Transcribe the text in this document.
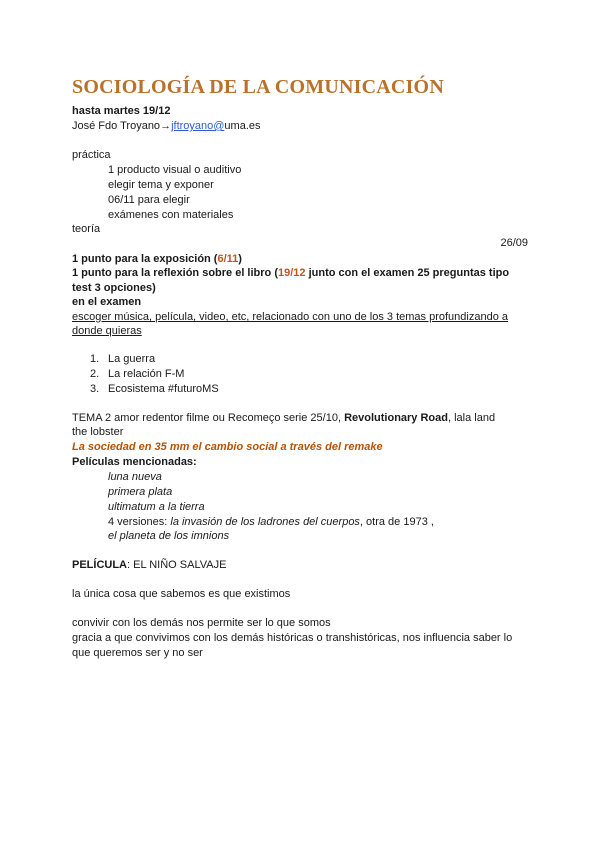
SOCIOLOGÍA DE LA COMUNICACIÓN
hasta martes 19/12
José Fdo Troyano→jftroyano@uma.es
práctica
1 producto visual o auditivo
elegir tema y exponer
06/11 para elegir
exámenes con materiales
teoría
26/09
1 punto para la exposición (6/11)
1 punto para la reflexión sobre el libro (19/12 junto con el examen 25 preguntas tipo
test 3 opciones)
en el examen
escoger música, película, video, etc, relacionado con uno de los 3 temas profundizando a
donde quieras
1. La guerra
2. La relación F-M
3. Ecosistema #futuroMS
TEMA 2 amor redentor filme ou Recomeço serie 25/10, Revolutionary Road, lala land
the lobster
La sociedad en 35 mm el cambio social a través del remake
Películas mencionadas:
luna nueva
primera plata
ultimatum a la tierra
4 versiones: la invasión de los ladrones del cuerpos, otra de 1973 ,
el planeta de los imnions
PELÍCULA: EL NIÑO SALVAJE
la única cosa que sabemos es que existimos
convivir con los demás nos permite ser lo que somos
gracia a que convivimos con los demás históricas o transhistóricas, nos influencia saber lo
que queremos ser y no ser
